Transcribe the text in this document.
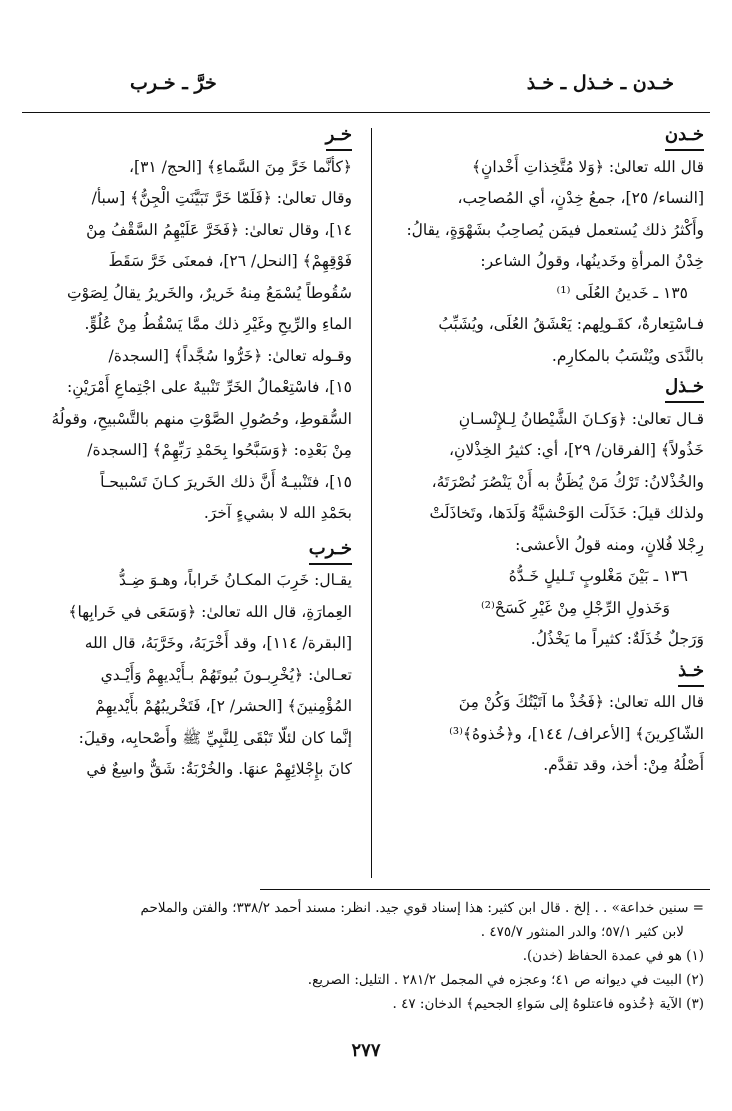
خـدن ـ خـذل ـ خـذ
خرَّ ـ خـرب
خـدن

قال الله تعالىٰ: ﴿وَلا مُتَّخِذاتِ أَخْدانٍ﴾

[النساء/ ٢٥]، جمعُ خِدْنٍ، أي المُصاحِب،

وأَكْثرُ ذلك يُستعمل فيمَن يُصاحِبُ بشَهْوَةٍ، يقالُ:

خِدْنُ المرأةِ وخَدينُها، وقولُ الشاعر:

١٣٥ ـ خَدينُ العُلَى ⁽¹⁾

فـاسْتِعارةٌ، كقَـولِهم: يَعْشَقُ العُلَى، ويُشَبِّبُ

بالنَّدَى ويُنْسَبُ بالمكارِم.

خـذل

قـال تعالىٰ: ﴿وَكـانَ الشَّيْطانُ لِـلإِنْسـانِ

خَذُولاً﴾ [الفرقان/ ٢٩]، أي: كثيرُ الخِذْلانِ،

والخُذْلانُ: تَرْكُ مَنْ يُظَنُّ به أَنْ يَنْصُرَ نُصْرَتَهُ،

ولذلك قيلَ: خَذَلَت الوَحْشيَّةُ وَلَدَها، وتَخاذَلَتْ

رِجْلا فُلانٍ، ومنه قولُ الأعشى:

١٣٦ ـ بَيْنَ مَغْلوبٍ تَـليلٍ خَـدُّهُ

وَخَذولِ الرِّجْلِ مِنْ غَيْرِ كَسَحْ⁽²⁾

وَرَجلٌ خُذَلَةٌ: كثيراً ما يَخْذُلُ.

خـذ

قال الله تعالىٰ: ﴿فَخُذْ ما آتَيْتُكَ وَكُنْ مِنَ

الشّاكِرينَ﴾ [الأعراف/ ١٤٤]، و﴿خُذوهُ﴾⁽³⁾

أَصْلُهُ مِنْ: أخذ، وقد تقدَّم.

خـر

﴿كأنَّما خَرَّ مِنَ السَّماءِ﴾ [الحج/ ٣١]،

وقال تعالىٰ: ﴿فَلَمّا خَرَّ تَبَيَّنَتِ الْجِنُّ﴾ [سبأ/

١٤]، وقال تعالىٰ: ﴿فَخَرَّ عَلَيْهِمُ السَّقْفُ مِنْ

فَوْقِهِمْ﴾ [النحل/ ٢٦]، فمعنَى خَرَّ سَقَطَ

سُقُوطاً يُسْمَعُ مِنهُ خَريرٌ، والخَريرُ يقالُ لِصَوْتِ

الماءِ والرِّيحِ وغَيْرِ ذلك ممَّا يَسْقُطُ مِنْ عُلُوٍّ.

وقـوله تعالىٰ: ﴿خَرُّوا سُجَّداً﴾ [السجدة/

١٥]، فاسْتِعْمالُ الخَرِّ تَنْبيهٌ على اجْتِماعِ أَمْرَيْنِ:

السُّقوطِ، وحُصُولِ الصَّوْتِ منهم بالتَّسْبيحِ، وقولُهُ

مِنْ بَعْدِه: ﴿وَسَبَّحُوا بِحَمْدِ رَبِّهِمْ﴾ [السجدة/

١٥]، فتَنْبيـهٌ أَنَّ ذلك الخَريرَ كـانَ تَسْبيحـاً

بحَمْدِ الله لا بشيءٍ آخرَ.

خـرب

يقـال: خَرِبَ المكـانُ خَراباً، وهـوَ ضِـدُّ

العِمارَةِ، قال الله تعالىٰ: ﴿وَسَعَى في خَرابِها﴾

[البقرة/ ١١٤]، وقد أَخْرَبَهُ، وخَرَّبَهُ، قال الله

تعـالىٰ: ﴿يُخْرِبـونَ بُيوتَهُمْ بـأَيْديهِمْ وَأَيْـدي

المُؤْمِنينَ﴾ [الحشر/ ٢]، فَتَخْريبُهُمْ بأَيْديهِمْ

إنَّما كان لئلّا تَبْقَى لِلنَّبِيِّ ﷺ وأَصْحابِه، وقيلَ:

كانَ بإِجْلائِهِمْ عنهَا. والخُرْبَةُ: شَقٌّ واسِعٌ في

= سنين خداعة» . . إلخ . قال ابن كثير: هذا إسناد قوي جيد. انظر: مسند أحمد ٣٣٨/٢؛ والفتن والملاحم

لابن كثير ٥٧/١؛ والدر المنثور ٤٧٥/٧ .

(١) هو في عمدة الحفاظ (خدن).

(٢) البيت في ديوانه ص ٤١؛ وعجزه في المجمل ٢٨١/٢ . التليل: الصريع.

(٣) الآية ﴿خُذوه فاعتلوهُ إلى سَواءِ الجحيم﴾ الدخان: ٤٧ .

٢٧٧
